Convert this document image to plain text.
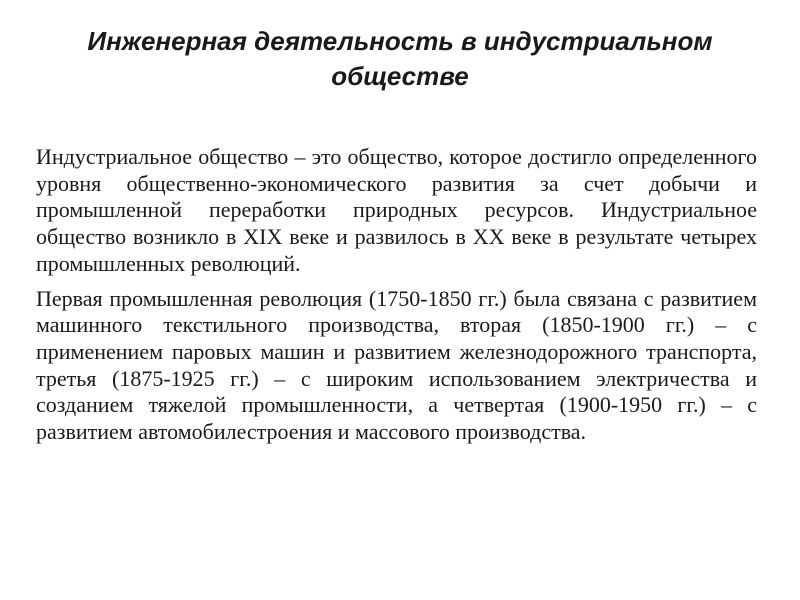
Инженерная деятельность в индустриальном обществе

Индустриальное общество – это общество, которое достигло определенного уровня общественно-экономического развития за счет добычи и промышленной переработки природных ресурсов. Индустриальное общество возникло в XIX веке и развилось в XX веке в результате четырех промышленных революций.

Первая промышленная революция (1750-1850 гг.) была связана с развитием машинного текстильного производства, вторая (1850-1900 гг.) – с применением паровых машин и развитием железнодорожного транспорта, третья (1875-1925 гг.) – с широким использованием электричества и созданием тяжелой промышленности, а четвертая (1900-1950 гг.) – с развитием автомобилестроения и массового производства.
